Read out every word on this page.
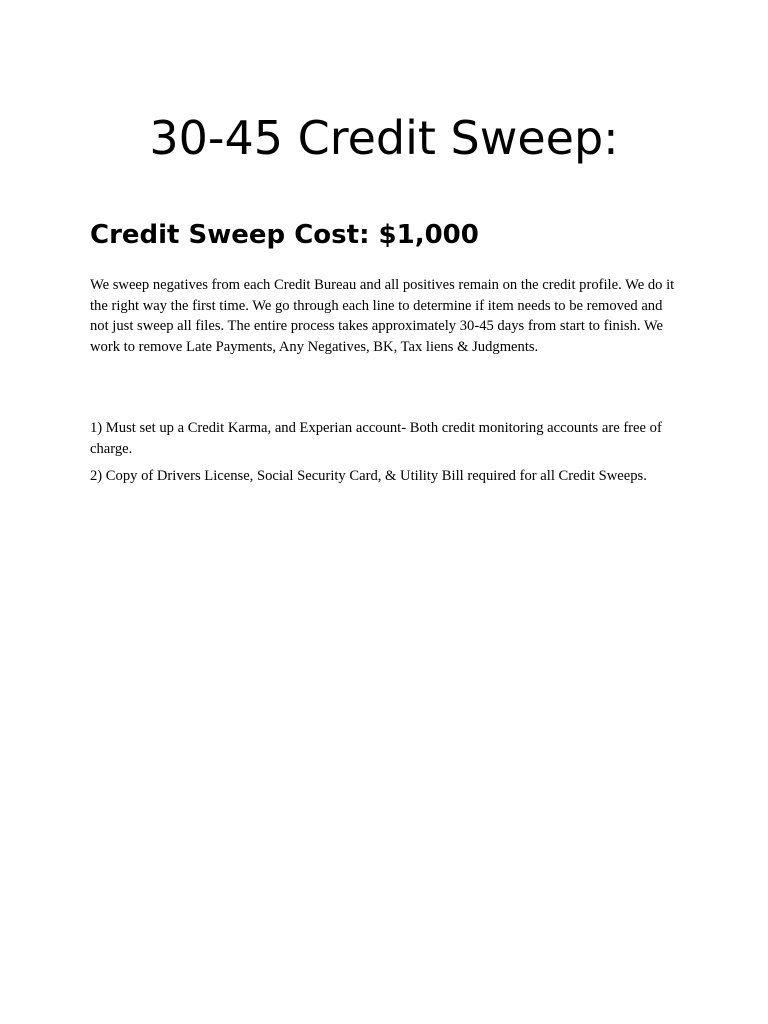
30-45 Credit Sweep:
Credit Sweep Cost: $1,000

We sweep negatives from each Credit Bureau and all positives remain on the credit profile. We do it the right way the first time. We go through each line to determine if item needs to be removed and not just sweep all files. The entire process takes approximately 30-45 days from start to finish. We work to remove Late Payments, Any Negatives, BK, Tax liens & Judgments.

1) Must set up a Credit Karma, and Experian account- Both credit monitoring accounts are free of charge.

2) Copy of Drivers License, Social Security Card, & Utility Bill required for all Credit Sweeps.
